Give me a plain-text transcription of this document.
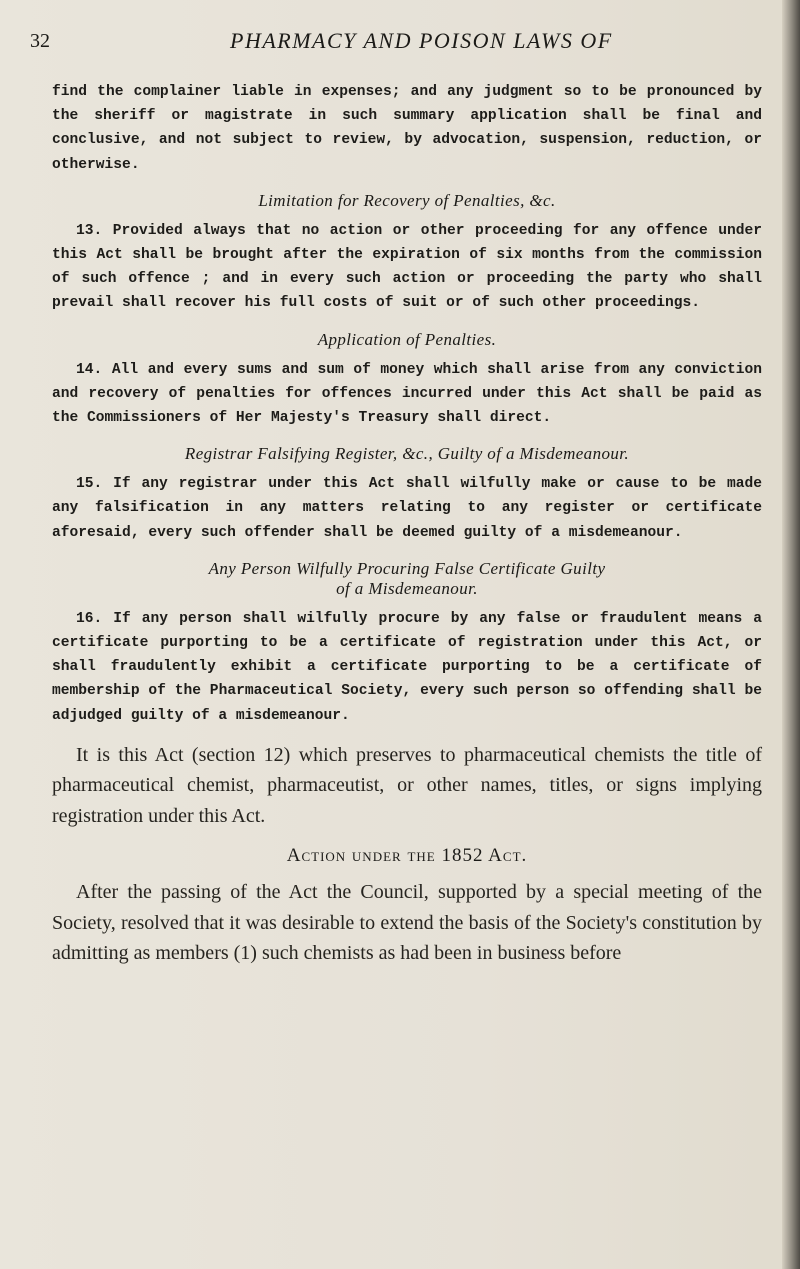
32	PHARMACY AND POISON LAWS OF

find the complainer liable in expenses; and any judgment so to be pronounced by the sheriff or magistrate in such summary application shall be final and conclusive, and not subject to review, by advocation, suspension, reduction, or otherwise.

Limitation for Recovery of Penalties, &c.

13. Provided always that no action or other proceeding for any offence under this Act shall be brought after the expiration of six months from the commission of such offence ; and in every such action or proceeding the party who shall prevail shall recover his full costs of suit or of such other proceedings.

Application of Penalties.

14. All and every sums and sum of money which shall arise from any conviction and recovery of penalties for offences incurred under this Act shall be paid as the Commissioners of Her Majesty's Treasury shall direct.

Registrar Falsifying Register, &c., Guilty of a Misdemeanour.

15. If any registrar under this Act shall wilfully make or cause to be made any falsification in any matters relating to any register or certificate aforesaid, every such offender shall be deemed guilty of a misdemeanour.

Any Person Wilfully Procuring False Certificate Guilty
of a Misdemeanour.

16. If any person shall wilfully procure by any false or fraudulent means a certificate purporting to be a certificate of registration under this Act, or shall fraudulently exhibit a certificate purporting to be a certificate of membership of the Pharmaceutical Society, every such person so offending shall be adjudged guilty of a misdemeanour.

It is this Act (section 12) which preserves to pharmaceutical chemists the title of pharmaceutical chemist, pharmaceutist, or other names, titles, or signs implying registration under this Act.

Action under the 1852 Act.

After the passing of the Act the Council, supported by a special meeting of the Society, resolved that it was desirable to extend the basis of the Society's constitution by admitting as members (1) such chemists as had been in business before
